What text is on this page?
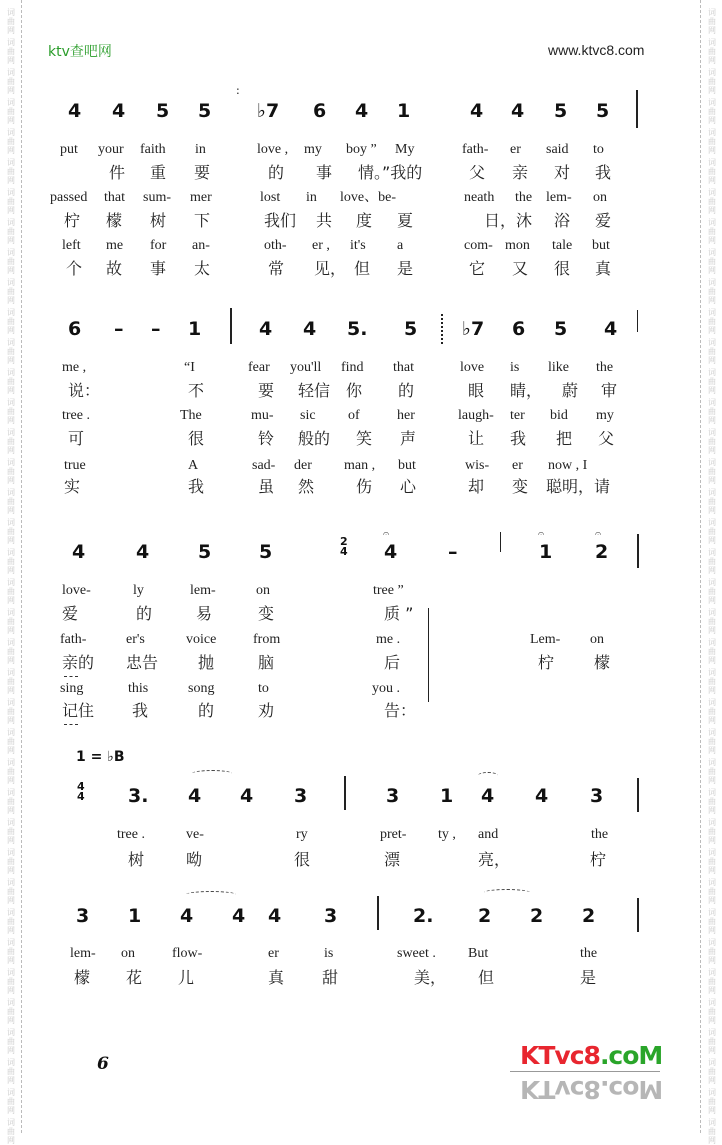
词
曲
网
词
曲
网
词
曲
网
词
曲
网
词
曲
网
词
曲
网
词
曲
网
词
曲
网
词
曲
网
词
曲
网
词
曲
网
词
曲
网
词
曲
网
词
曲
网
词
曲
网
词
曲
网
词
曲
网
词
曲
网
词
曲
网
词
曲
网
词
曲
网
词
曲
网
词
曲
网
词
曲
网
词
曲
网
词
曲
网
词
曲
网
词
曲
网
词
曲
网
词
曲
网
词
曲
网
词
曲
网
词
曲
网
词
曲
网
词
曲
网
词
曲
网
词
曲
网
词
曲
网
词
曲
网
词
曲
网
词
曲
网
词
曲
网
词
曲
网
词
曲
网
词
曲
网
词
曲
网
词
曲
网
词
曲
网
词
曲
网
词
曲
网
词
曲
网
词
曲
网
词
曲
网
词
曲
网
词
曲
网
词
曲
网
词
曲
网
词
曲
网
词
曲
网
词
曲
网
词
曲
网
词
曲
网
词
曲
网
词
曲
网
词
曲
网
词
曲
网
词
曲
网
词
曲
网
词
曲
网
词
曲
网
词
曲
网
词
曲
网
词
曲
网
词
曲
网
词
曲
网
词
曲
网
ktv查吧网	www.ktvc8.com
4 4 5 5
:
♭7 6 4 1	4 4 5 5
put your faith in	love , my boy ” My	fath- er said to
件 重 要	的 事 情。”我的	父 亲 对 我
passed that sum- mer	lost in love、be-	neath the lem- on
柠 檬 树 下	我们 共 度 夏	日，沐 浴 爱
left me for an-	oth- er , it's a	com- mon tale but
个 故 事 太	常 见， 但 是	它 又 很 真
6 – – 1	4 4 5. 5 ♭7 6 5 4
me ,	“I	fear you'll find that	love is like the
说：	不	要 轻信 你 的	眼 睛， 蔚 审
tree .	The	mu- sic of	her	laugh- ter bid my
可	很	铃 般的 笑 声	让 我 把 父
true	A	sad- der man , but	wis- er now , I
实	我	虽 然	伤 心	却 变 聪明，请
4	4	5	5	2
4
𝄐
4	–
𝄐
1
𝄐
2
love-	ly	lem-	on	tree ”
爱	的	易	变	质 ”
fath-	er's	voice	from	me .	Lem- on
亲的 忠告 抛	脑	后	柠 檬
sing	this	song	to	you .
记住 我	的	劝	告：
1 = ♭B
4
4 3. 4 4 3	3 1 4 4 3
tree .	ve-	ry	pret- ty , and	the
树	呦	很	漂	亮，	柠
3 1 4 4 4 3	2. 2 2 2
lem- on	flow-	er	is	sweet . But	the
檬 花 儿	真 甜	美， 但	是
6	KTvc8.coM
KTvc8.coM
